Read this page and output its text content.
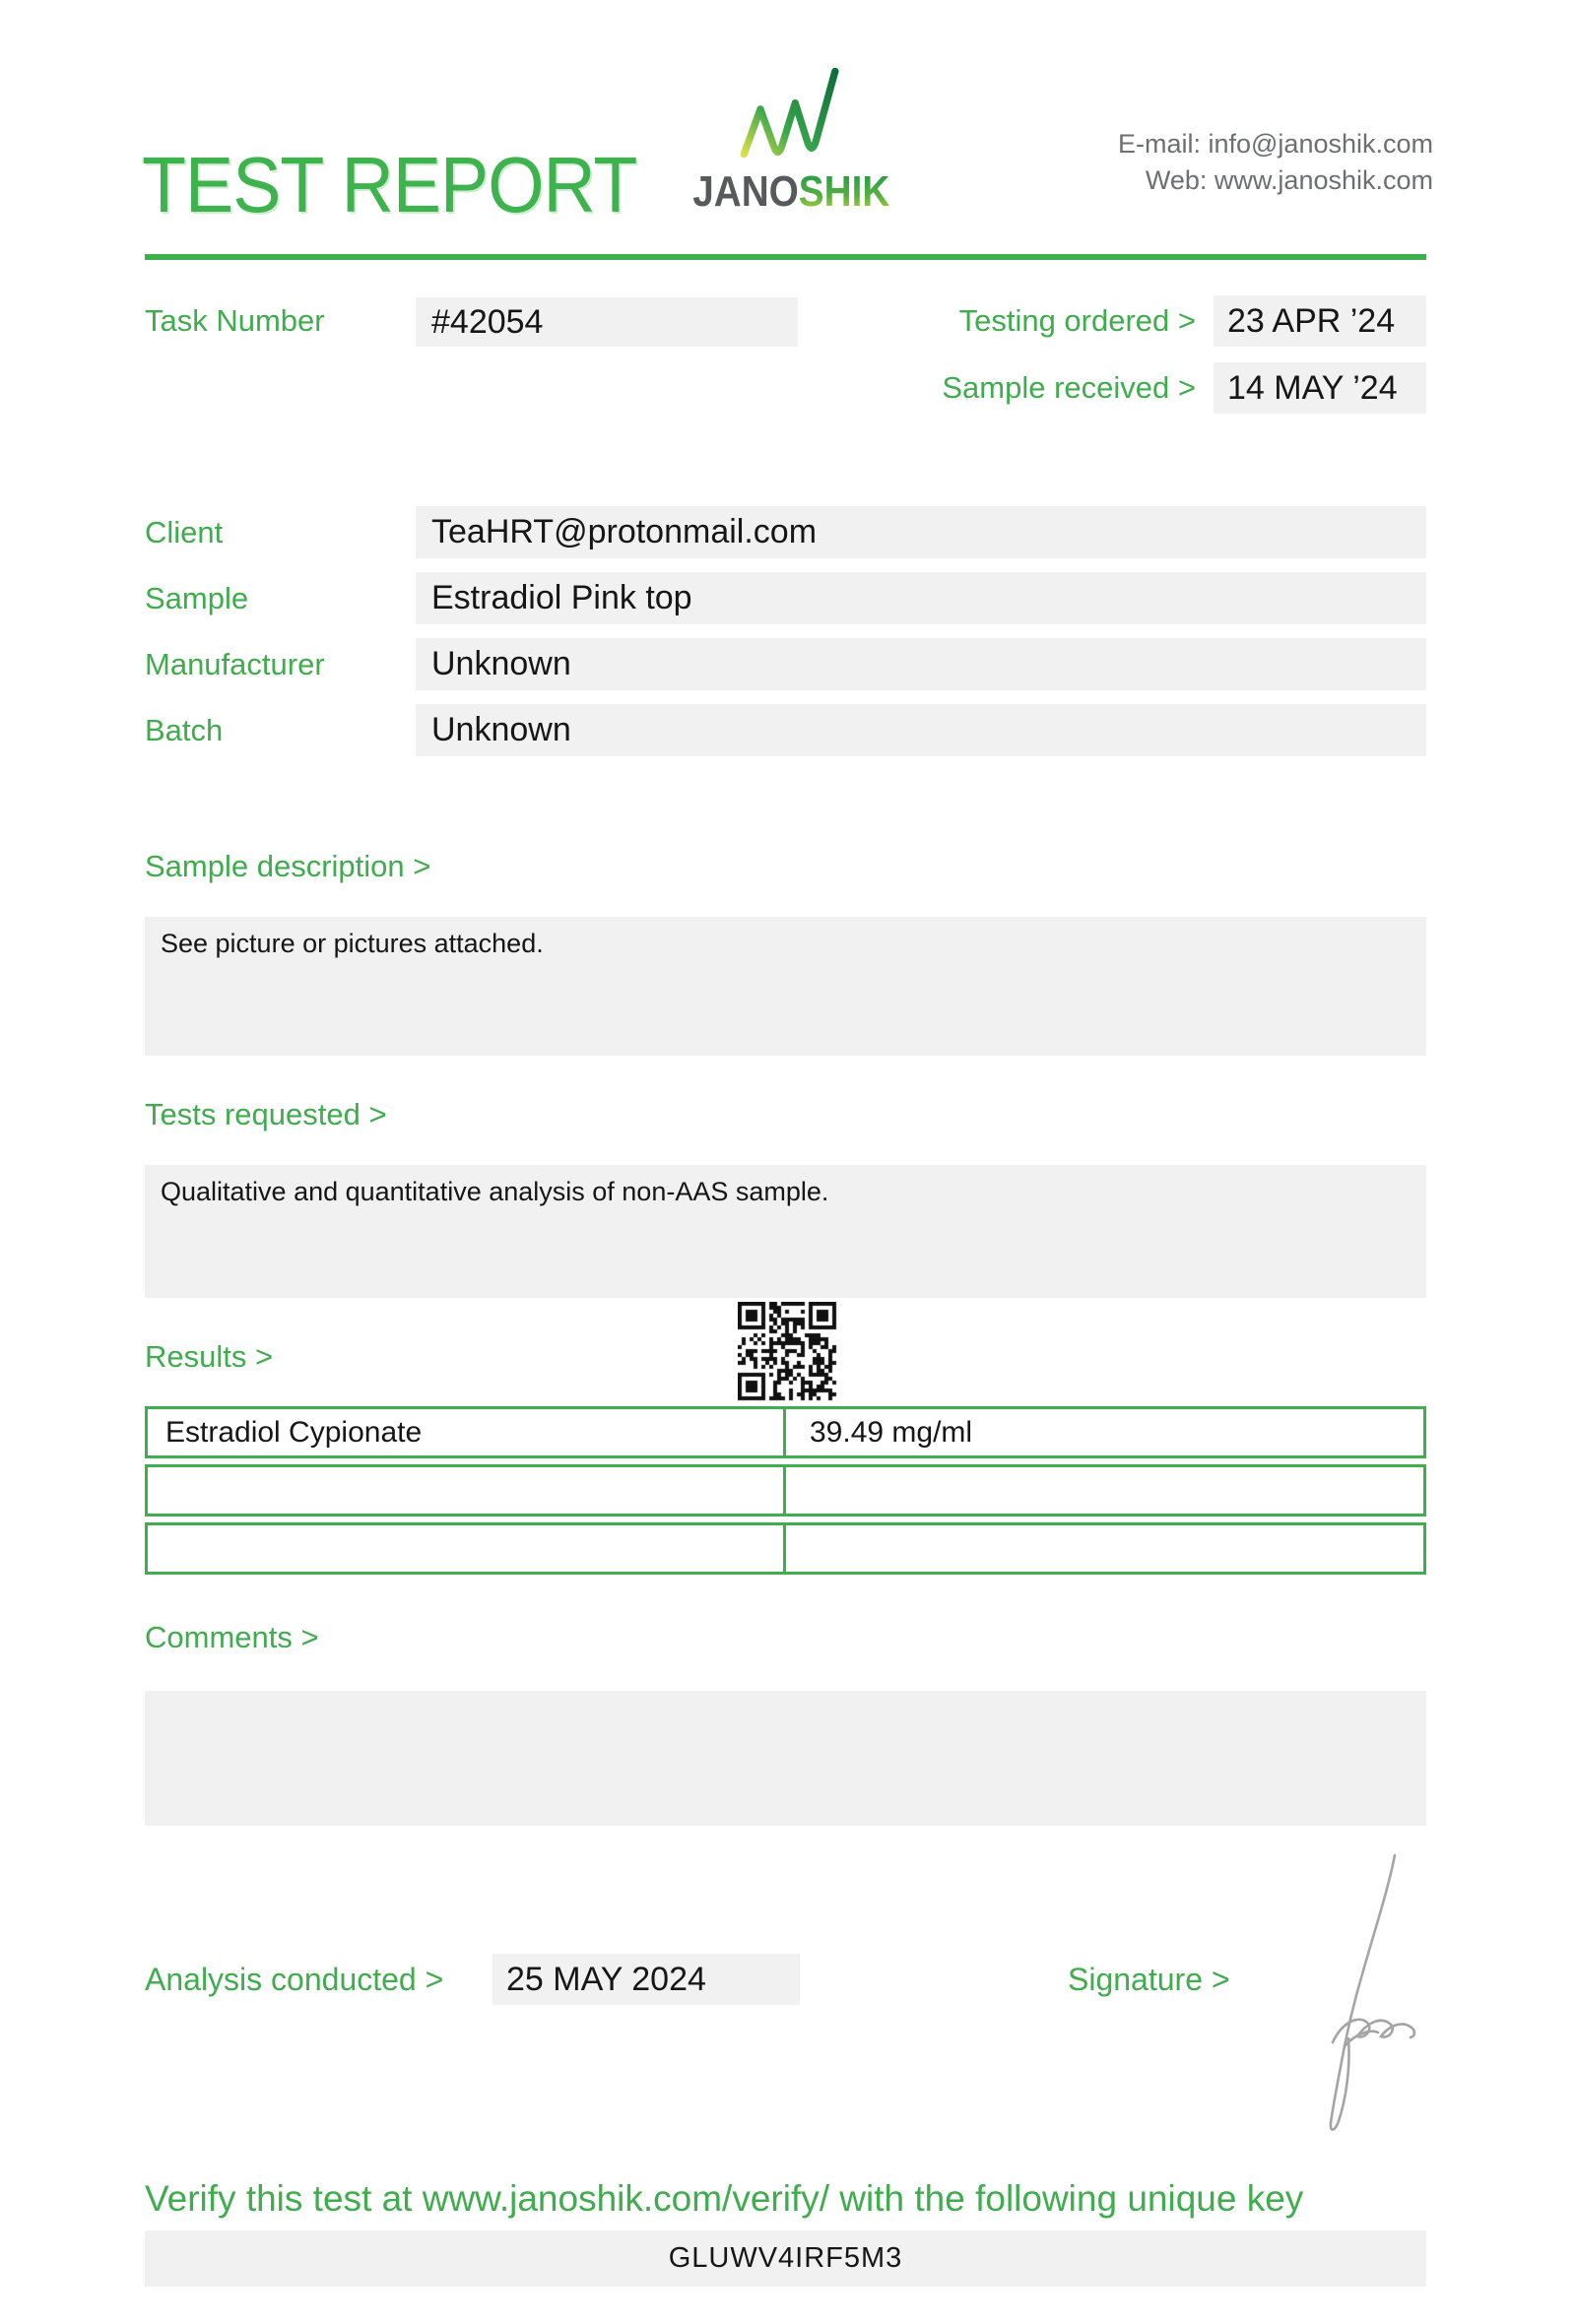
TEST REPORT JANOSHIK
E-mail: info@janoshik.com
Web: www.janoshik.com
Task Number	#42054	Testing ordered > 23 APR ’24
Sample received > 14 MAY ’24
Client	TeaHRT@protonmail.com
Sample	Estradiol Pink top
Manufacturer	Unknown
Batch	Unknown
Sample description >
See picture or pictures attached.
Tests requested >
Qualitative and quantitative analysis of non-AAS sample.
Results >
Estradiol Cypionate	39.49 mg/ml
Comments >
Analysis conducted >	25 MAY 2024	Signature >
Verify this test at www.janoshik.com/verify/ with the following unique key
GLUWV4IRF5M3
